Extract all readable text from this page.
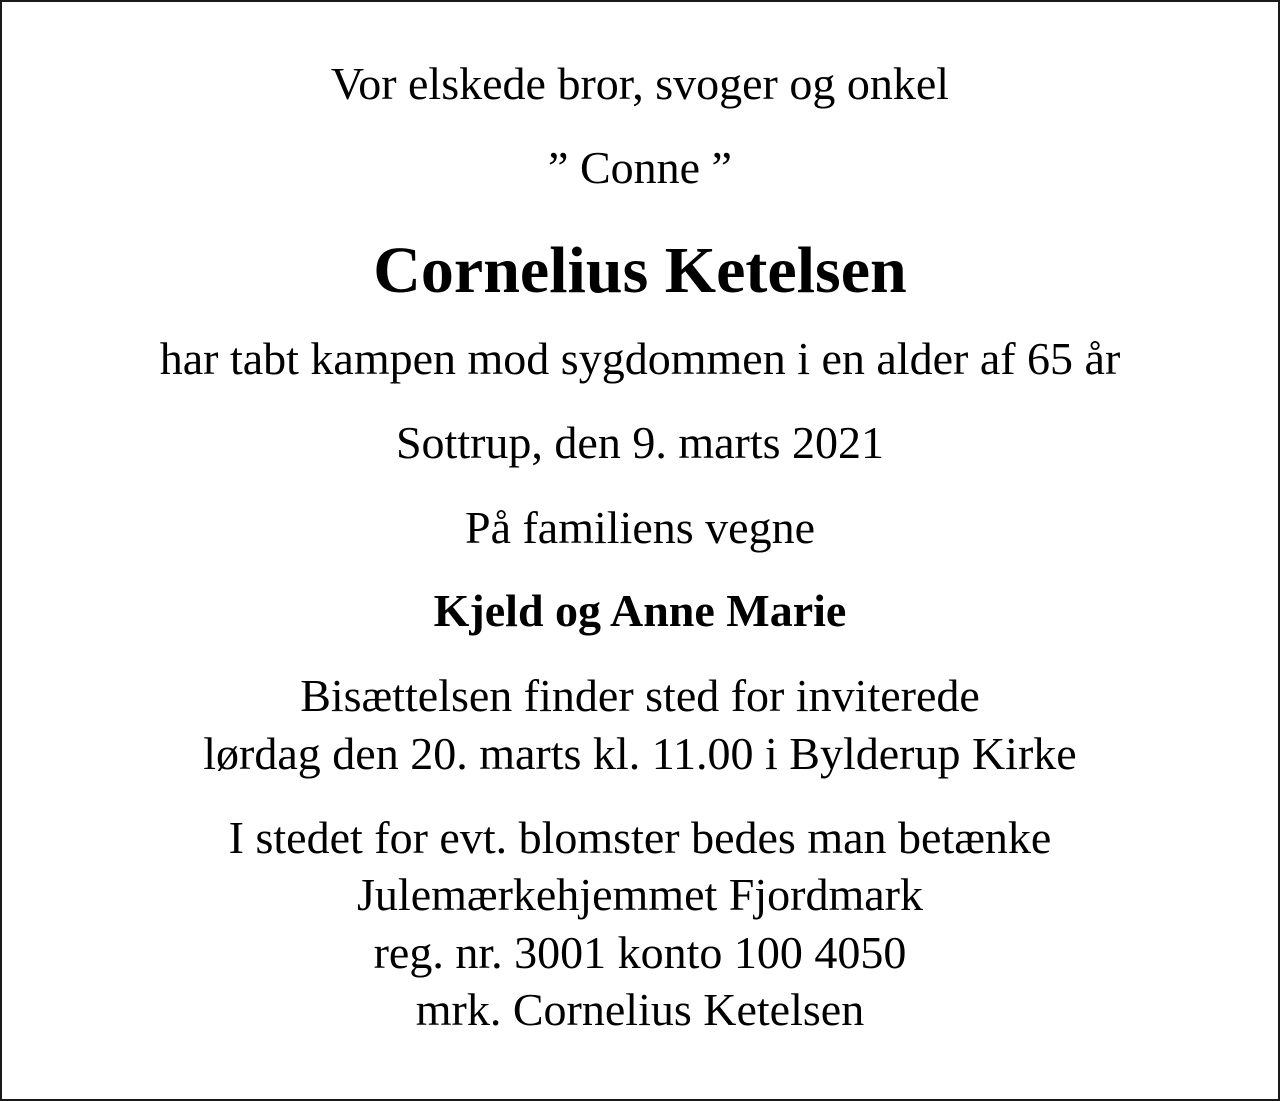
Vor elskede bror, svoger og onkel
” Conne ”
Cornelius Ketelsen
har tabt kampen mod sygdommen i en alder af 65 år
Sottrup, den 9. marts 2021
På familiens vegne
Kjeld og Anne Marie
Bisættelsen finder sted for inviterede
lørdag den 20. marts kl. 11.00 i Bylderup Kirke
I stedet for evt. blomster bedes man betænke
Julemærkehjemmet Fjordmark
reg. nr. 3001 konto 100 4050
mrk. Cornelius Ketelsen
